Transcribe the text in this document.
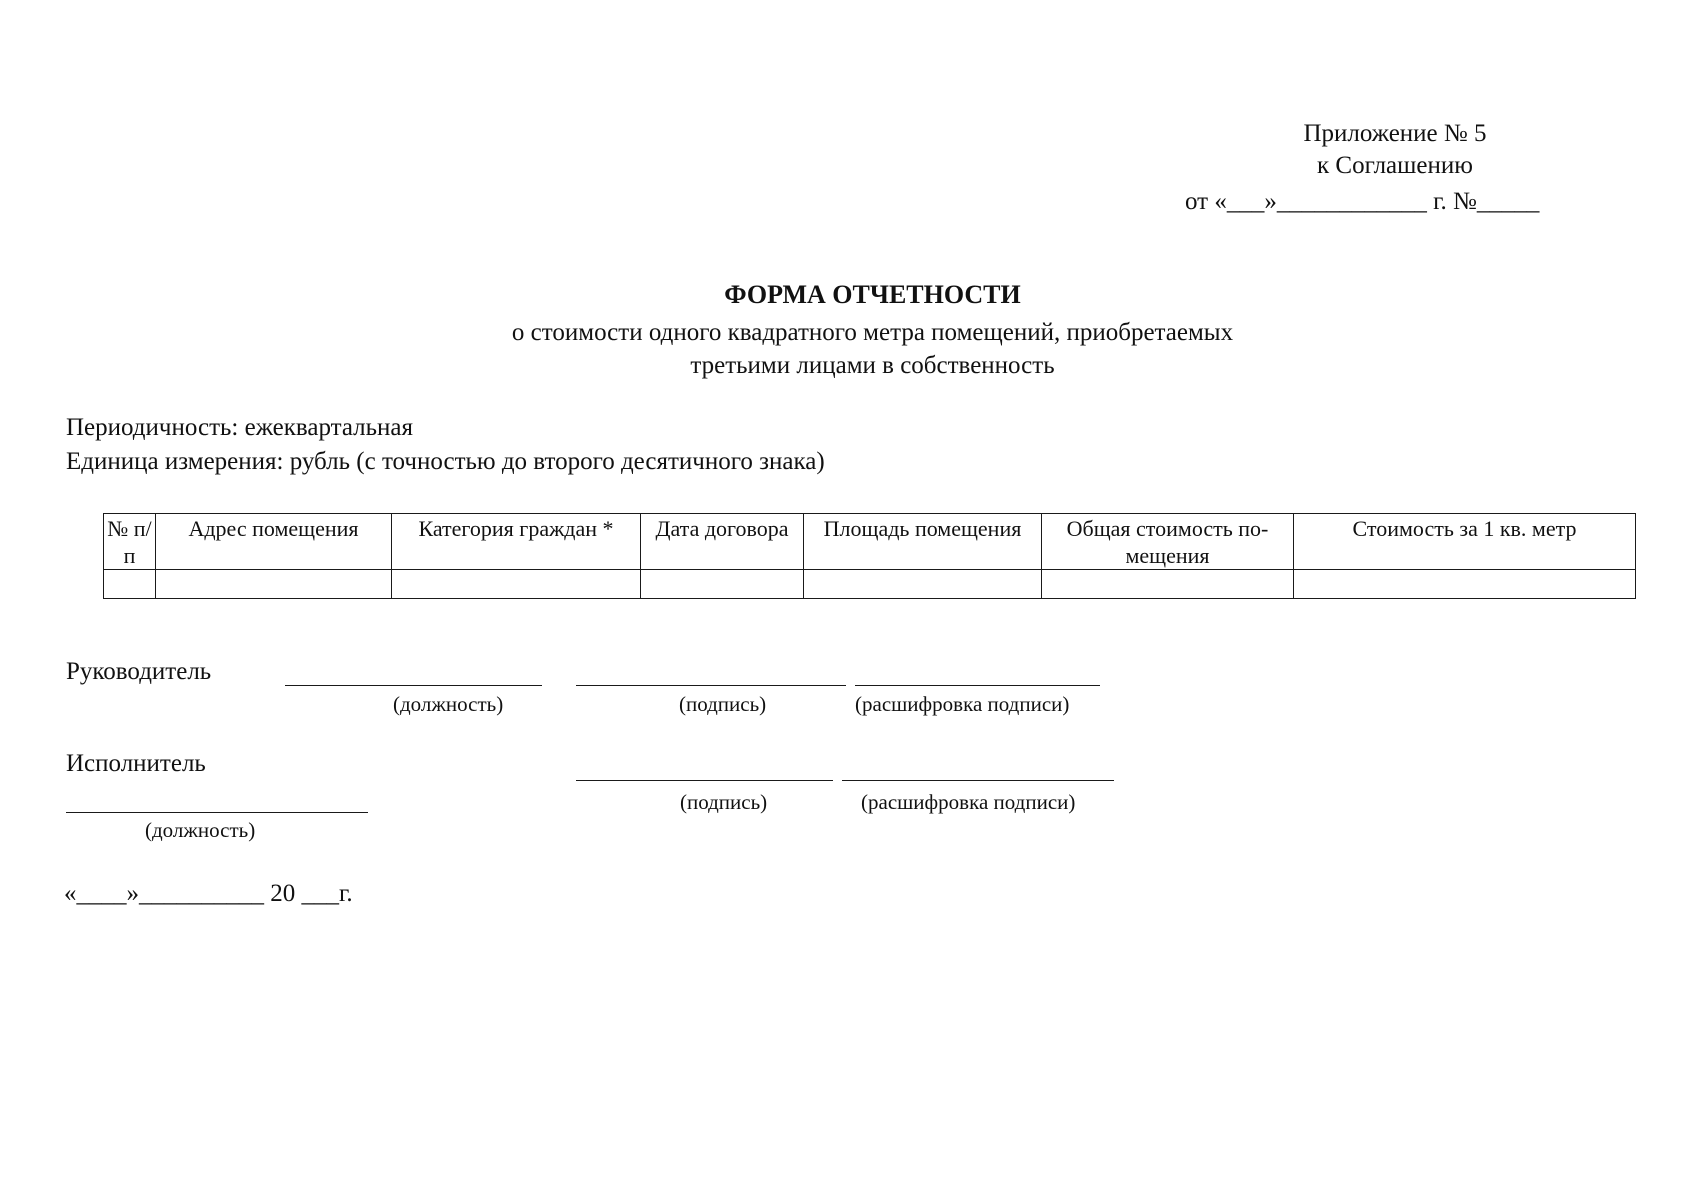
Приложение № 5
к Соглашению
от «___»____________ г. №_____
ФОРМА ОТЧЕТНОСТИ
о стоимости одного квадратного метра помещений, приобретаемых
третьими лицами в собственность
Периодичность: ежеквартальная
Единица измерения: рубль (с точностью до второго десятичного знака)
№ п/п	Адрес помещения	Категория граждан *	Дата договора	Площадь помещения	Общая стоимость по-мещения	Стоимость за 1 кв. метр

Руководитель
(должность)	(подпись)	(расшифровка подписи)
Исполнитель
(подпись)	(расшифровка подписи)
(должность)
«____»__________ 20 ___г.
